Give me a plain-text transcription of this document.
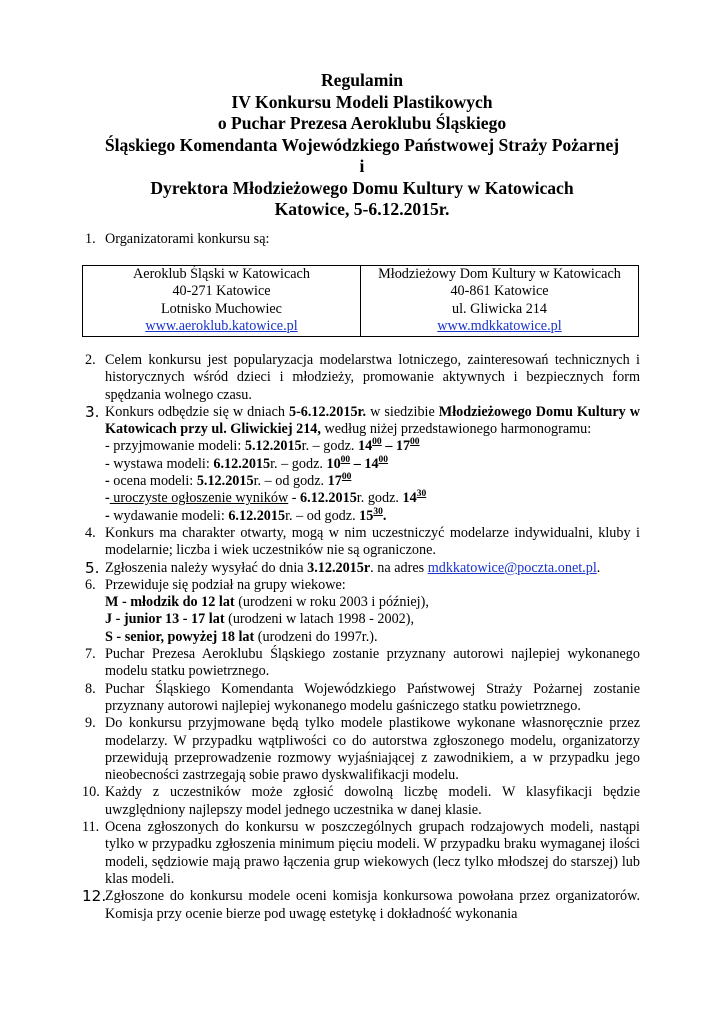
Regulamin
IV Konkursu Modeli Plastikowych
o Puchar Prezesa Aeroklubu Śląskiego
Śląskiego Komendanta Wojewódzkiego Państwowej Straży Pożarnej
i
Dyrektora Młodzieżowego Domu Kultury w Katowicach
Katowice, 5-6.12.2015r.
1. Organizatorami konkursu są:

Aeroklub Śląski w Katowicach
40-271 Katowice
Lotnisko Muchowiec
www.aeroklub.katowice.pl

Młodzieżowy Dom Kultury w Katowicach
40-861 Katowice
ul. Gliwicka 214
www.mdkkatowice.pl
2. Celem konkursu jest popularyzacja modelarstwa lotniczego, zainteresowań technicznych i historycznych wśród dzieci i młodzieży, promowanie aktywnych i bezpiecznych form spędzania wolnego czasu.

3. Konkurs odbędzie się w dniach 5-6.12.2015r. w siedzibie Młodzieżowego Domu Kultury w Katowicach przy ul. Gliwickiej 214, według niżej przedstawionego harmonogramu:

- przyjmowanie modeli: 5.12.2015r. – godz. $14^{00} - 17^{00}$

- wystawa modeli: 6.12.2015r. – godz. $10^{00} - 14^{00}$

- ocena modeli: 5.12.2015r. – od godz. $17^{00}$

- uroczyste ogłoszenie wyników - 6.12.2015r. godz. $14^{30}$

- wydawanie modeli: 6.12.2015r. – od godz. $15^{30}$.

4. Konkurs ma charakter otwarty, mogą w nim uczestniczyć modelarze indywidualni, kluby i modelarnie; liczba i wiek uczestników nie są ograniczone.

5. Zgłoszenia należy wysyłać do dnia 3.12.2015r. na adres mdkkatowice@poczta.onet.pl.

6. Przewiduje się podział na grupy wiekowe:

M - młodzik do 12 lat (urodzeni w roku 2003 i później),

J - junior 13 - 17 lat (urodzeni w latach 1998 - 2002),

S - senior, powyżej 18 lat (urodzeni do 1997r.).

7. Puchar Prezesa Aeroklubu Śląskiego zostanie przyznany autorowi najlepiej wykonanego modelu statku powietrznego.

8. Puchar Śląskiego Komendanta Wojewódzkiego Państwowej Straży Pożarnej zostanie przyznany autorowi najlepiej wykonanego modelu gaśniczego statku powietrznego.

9. Do konkursu przyjmowane będą tylko modele plastikowe wykonane własnoręcznie przez modelarzy. W przypadku wątpliwości co do autorstwa zgłoszonego modelu, organizatorzy przewidują przeprowadzenie rozmowy wyjaśniającej z zawodnikiem, a w przypadku jego nieobecności zastrzegają sobie prawo dyskwalifikacji modelu.

10. Każdy z uczestników może zgłosić dowolną liczbę modeli. W klasyfikacji będzie uwzględniony najlepszy model jednego uczestnika w danej klasie.

11. Ocena zgłoszonych do konkursu w poszczególnych grupach rodzajowych modeli, nastąpi tylko w przypadku zgłoszenia minimum pięciu modeli. W przypadku braku wymaganej ilości modeli, sędziowie mają prawo łączenia grup wiekowych (lecz tylko młodszej do starszej) lub klas modeli.

12.

Zgłoszone do konkursu modele oceni komisja konkursowa powołana przez organizatorów. Komisja przy ocenie bierze pod uwagę estetykę i dokładność wykonania
